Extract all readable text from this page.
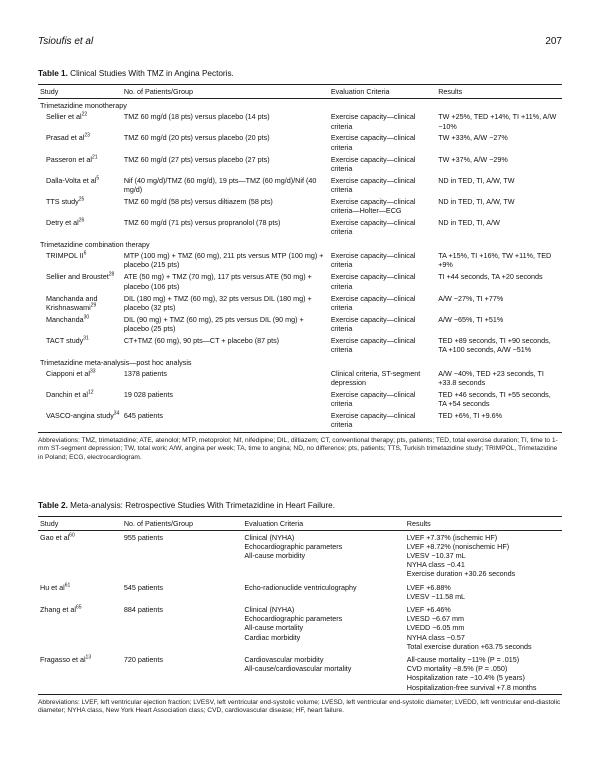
Tsioufis et al	207
Table 1. Clinical Studies With TMZ in Angina Pectoris.
Study	No. of Patients/Group	Evaluation Criteria	Results
Trimetazidine monotherapy			
Sellier et $al^{22}$	TMZ 60 mg/d (18 pts) versus placebo (14 pts)	Exercise capacity—clinical criteria	TW +25%, TED +14%, TI +11%, A/W −10%
Prasad et $al^{23}$	TMZ 60 mg/d (20 pts) versus placebo (20 pts)	Exercise capacity—clinical criteria	TW +33%, A/W −27%
Passeron et $al^{21}$	TMZ 60 mg/d (27 pts) versus placebo (27 pts)	Exercise capacity—clinical criteria	TW +37%, A/W −29%
Dalla-Volta et $al^5$	Nif (40 mg/d)/TMZ (60 mg/d), 19 pts—TMZ (60 mg/d)/Nif (40 mg/d)	Exercise capacity—clinical criteria	ND in TED, TI, A/W, TW
TTS study$^{25}$	TMZ 60 mg/d (58 pts) versus diltiazem (58 pts)	Exercise capacity—clinical criteria—Holter—ECG	ND in TED, TI, A/W, TW
Detry et $al^{26}$	TMZ 60 mg/d (71 pts) versus propranolol (78 pts)	Exercise capacity—clinical criteria	ND in TED, TI, A/W
Trimetazidine combination therapy			
TRIMPOL $II^6$	MTP (100 mg) + TMZ (60 mg), 211 pts versus MTP (100 mg) + placebo (215 pts)	Exercise capacity—clinical criteria	TA +15%, TI +16%, TW +11%, TED +9%
Sellier and Broustet$^{28}$	ATE (50 mg) + TMZ (70 mg), 117 pts versus ATE (50 mg) + placebo (106 pts)	Exercise capacity—clinical criteria	TI +44 seconds, TA +20 seconds
Manchanda and Krishnaswami$^{29}$	DIL (180 mg) + TMZ (60 mg), 32 pts versus DIL (180 mg) + placebo (32 pts)	Exercise capacity—clinical criteria	A/W −27%, TI +77%
Manchanda$^{30}$	DIL (90 mg) + TMZ (60 mg), 25 pts versus DIL (90 mg) + placebo (25 pts)	Exercise capacity—clinical criteria	A/W −65%, TI +51%
TACT study$^{31}$	CT+TMZ (60 mg), 90 pts—CT + placebo (87 pts)	Exercise capacity—clinical criteria	TED +89 seconds, TI +90 seconds, TA +100 seconds, A/W −51%
Trimetazidine meta-analysis—post hoc analysis			
Ciapponi et $al^{33}$	1378 patients	Clinical criteria, ST-segment depression	A/W −40%, TED +23 seconds, TI +33.8 seconds
Danchin et $al^{12}$	19 028 patients	Exercise capacity—clinical criteria	TED +46 seconds, TI +55 seconds, TA +54 seconds
VASCO-angina study$^{34}$	645 patients	Exercise capacity—clinical criteria	TED +6%, TI +9.6%
Abbreviations: TMZ, trimetazidine; ATE, atenolol; MTP, metoprolol; Nif, nifedipine; DIL, diltiazem; CT, conventional therapy; pts, patients; TED, total exercise duration; TI, time to 1-mm ST-segment depression; TW, total work; A/W, angina per week; TA, time to angina; ND, no difference; pts, patients; TTS, Turkish trimetazidine study; TRIMPOL, Trimetazidine in Poland; ECG, electrocardiogram.
Table 2. Meta-analysis: Retrospective Studies With Trimetazidine in Heart Failure.
Study	No. of Patients/Group	Evaluation Criteria	Results
Gao et $al^{60}$	955 patients	Clinical (NYHA)
Echocardiographic parameters
All-cause morbidity	LVEF +7.37% (ischemic HF)
LVEF +8.72% (nonischemic HF)
LVESV −10.37 mL
NYHA class −0.41
Exercise duration +30.26 seconds

Hu et $al^{61}$	545 patients	Echo-radionuclide ventriculography	LVEF +6.88%
LVESV −11.58 mL

Zhang et $al^{65}$	884 patients	Clinical (NYHA)
Echocardiographic parameters
All-cause mortality
Cardiac morbidity	LVEF +6.46%
LVESD −6.67 mm
LVEDD −6.05 mm
NYHA class −0.57
Total exercise duration +63.75 seconds

Fragasso et $al^{13}$	720 patients	Cardiovascular morbidity
All-cause/cardiovascular mortality	All-cause mortality −11% (P = .015)
CVD mortality −8.5% (P = .050)
Hospitalization rate −10.4% (5 years)
Hospitalization-free survival +7.8 months
Abbreviations: LVEF, left ventricular ejection fraction; LVESV, left ventricular end-systolic volume; LVESD, left ventricular end-systolic diameter; LVEDD, left ventricular end-diastolic diameter; NYHA class, New York Heart Association class; CVD, cardiovascular disease; HF, heart failure.
